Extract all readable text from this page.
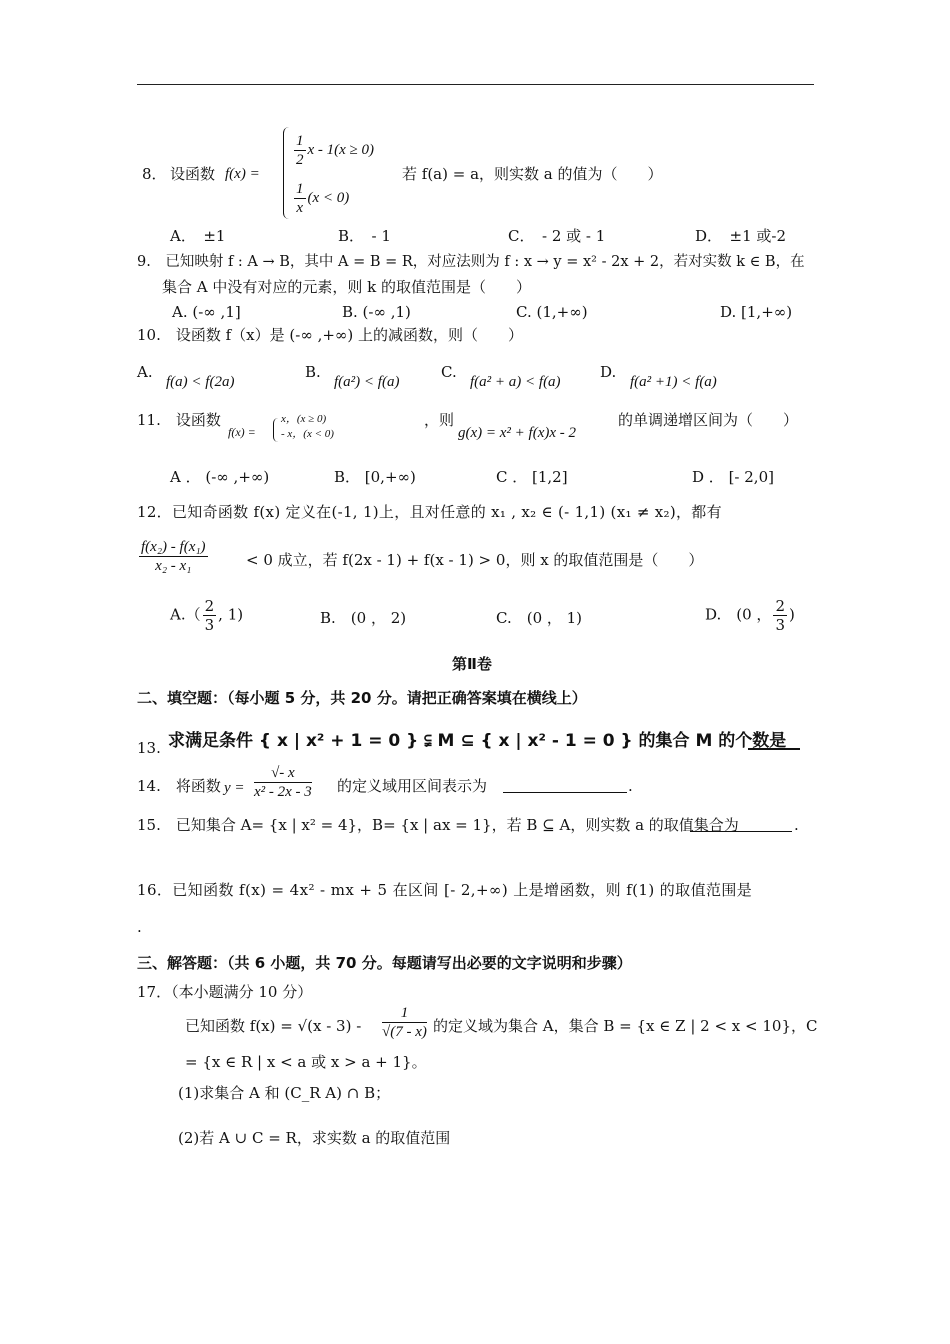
8． 设函数 f(x) =
$\frac{1}{2}$ x - 1(x ≥ 0)
$\frac{1}{x} (x < 0)$
若 f(a) = a，则实数 a 的值为（　　）
A．　±1	B．　- 1	C．　- 2 或 - 1	D．　±1 或-2
9.　已知映射 f : A → B，其中 A = B = R，对应法则为 f : x → y = x² - 2x + 2，若对实数 k ∈ B，在
集合 A 中没有对应的元素，则 k 的取值范围是（　　）
A. (-∞ ,1]	B. (-∞ ,1)	C. (1,+∞)	D. [1,+∞)
10.　设函数 f（x）是 (-∞ ,+∞) 上的减函数，则（　　）
A.
f(a) < f(2a)
B.
f(a²) < f(a)
C.
f(a² + a) < f(a)
D.
f(a² +1) < f(a)
11.　设函数
f(x) =
x，(x ≥ 0)
- x，(x < 0)
，则
g(x) = x² + f(x)x - 2
的单调递增区间为（　　）
A ． (-∞ ,+∞)	B． [0,+∞)	C ． [1,2]	D ． [- 2,0]
12．已知奇函数 f(x) 定义在(-1, 1)上，且对任意的 x₁ , x₂ ∈ (- 1,1) (x₁ ≠ x₂)，都有
$\frac{\text{f(x₂) - f(x₁)}}{\text{x₂ - x₁}}$	< 0 成立，若 f(2x - 1) + f(x - 1) > 0，则 x 的取值范围是（　　）
$A.( \frac{2}{3}$ , 1)	B.　(0 ， 2)	C.　(0 ， 1)	D.　(0 ， $\frac{2}{3}$ )
第Ⅱ卷
二、填空题：（每小题 5 分，共 20 分。请把正确答案填在横线上）
13. 求满足条件 { x | x² + 1 = 0 } ⫋ M ⊆ { x | x² - 1 = 0 } 的集合 M 的个数是
14.　将函数 $y = \frac{√- x}{\text{x² - 2x - 3}}$ 的定义域用区间表示为	.
15.　已知集合 A= {x | x² = 4}，B= {x | ax = 1}，若 B ⊆ A，则实数 a 的取值集合为	.
16．已知函数 f(x) = 4x² - mx + 5 在区间 [- 2,+∞) 上是增函数，则 f(1) 的取值范围是
.
三、解答题：（共 6 小题，共 70 分。每题请写出必要的文字说明和步骤）
17．（本小题满分 10 分）
已知函数 $f(x) = √(x - 3) - \frac{1}{√(7 - x)}$ 的定义域为集合 A，集合 B = {x ∈ Z | 2 < x < 10}，C
= {x ∈ R | x < a 或 x > a + 1}。
(1)求集合 A 和 (C_R A) ∩ B；
(2)若 A ∪ C = R，求实数 a 的取值范围
